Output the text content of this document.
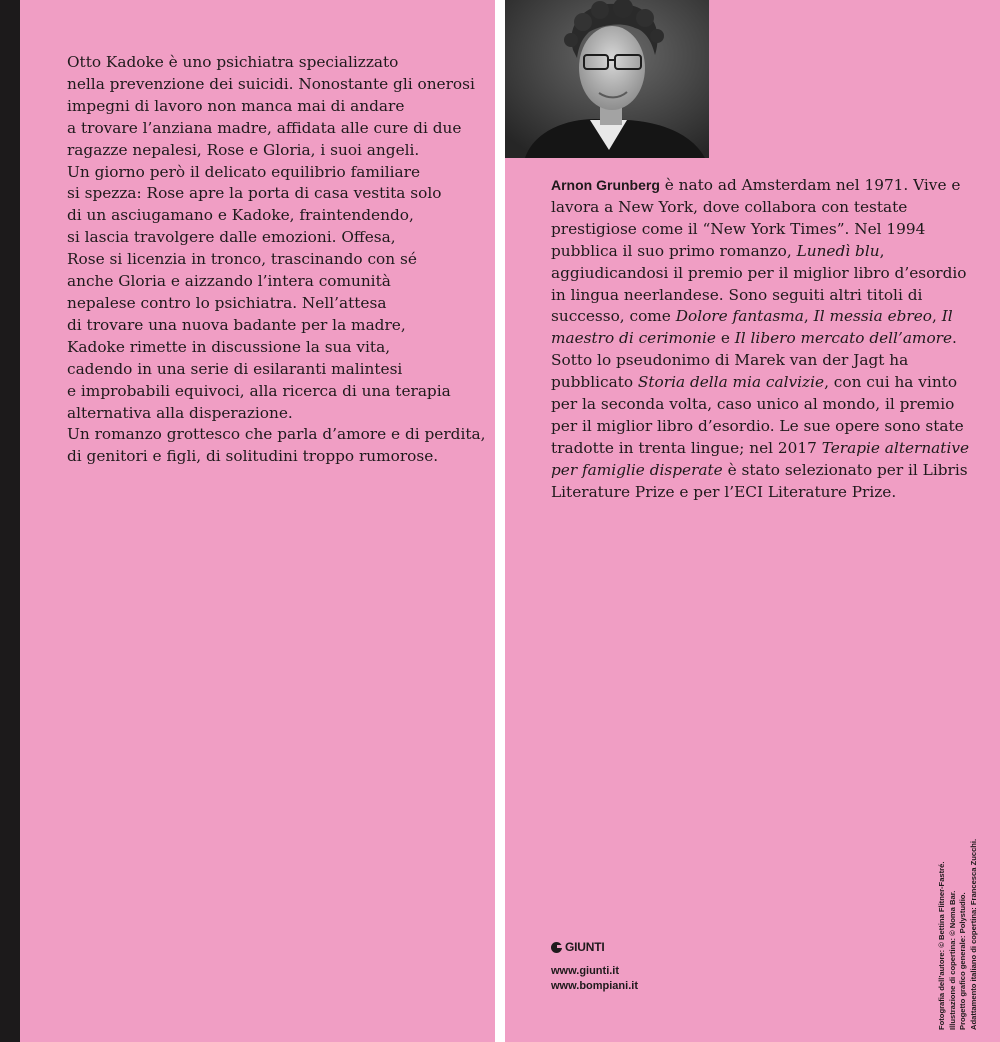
Otto Kadoke è uno psichiatra specializzato

nella prevenzione dei suicidi. Nonostante gli onerosi

impegni di lavoro non manca mai di andare

a trovare l’anziana madre, affidata alle cure di due

ragazze nepalesi, Rose e Gloria, i suoi angeli.

Un giorno però il delicato equilibrio familiare

si spezza: Rose apre la porta di casa vestita solo

di un asciugamano e Kadoke, fraintendendo,

si lascia travolgere dalle emozioni. Offesa,

Rose si licenzia in tronco, trascinando con sé

anche Gloria e aizzando l’intera comunità

nepalese contro lo psichiatra. Nell’attesa

di trovare una nuova badante per la madre,

Kadoke rimette in discussione la sua vita,

cadendo in una serie di esilaranti malintesi

e improbabili equivoci, alla ricerca di una terapia

alternativa alla disperazione.

Un romanzo grottesco che parla d’amore e di perdita,

di genitori e figli, di solitudini troppo rumorose.

Arnon Grunberg è nato ad Amsterdam nel 1971. Vive e lavora a New York, dove collabora con testate prestigiose come il “New York Times”. Nel 1994 pubblica il suo primo romanzo, Lunedì blu, aggiudicandosi il premio per il miglior libro d’esordio in lingua neerlandese. Sono seguiti altri titoli di successo, come Dolore fantasma, Il messia ebreo, Il maestro di cerimonie e Il libero mercato dell’amore. Sotto lo pseudonimo di Marek van der Jagt ha pubblicato Storia della mia calvizie, con cui ha vinto per la seconda volta, caso unico al mondo, il premio per il miglior libro d’esordio. Le sue opere sono state tradotte in trenta lingue; nel 2017 Terapie alternative per famiglie disperate è stato selezionato per il Libris Literature Prize e per l’ECI Literature Prize.
GIUNTI
www.giunti.it
www.bompiani.it	Fotografia dell’autore: © Bettina Flitner-Fastré. Illustrazione di copertina: © Noma Bar. Progetto grafico generale: Polystudio. Adattamento italiano di copertina: Francesca Zucchi.
